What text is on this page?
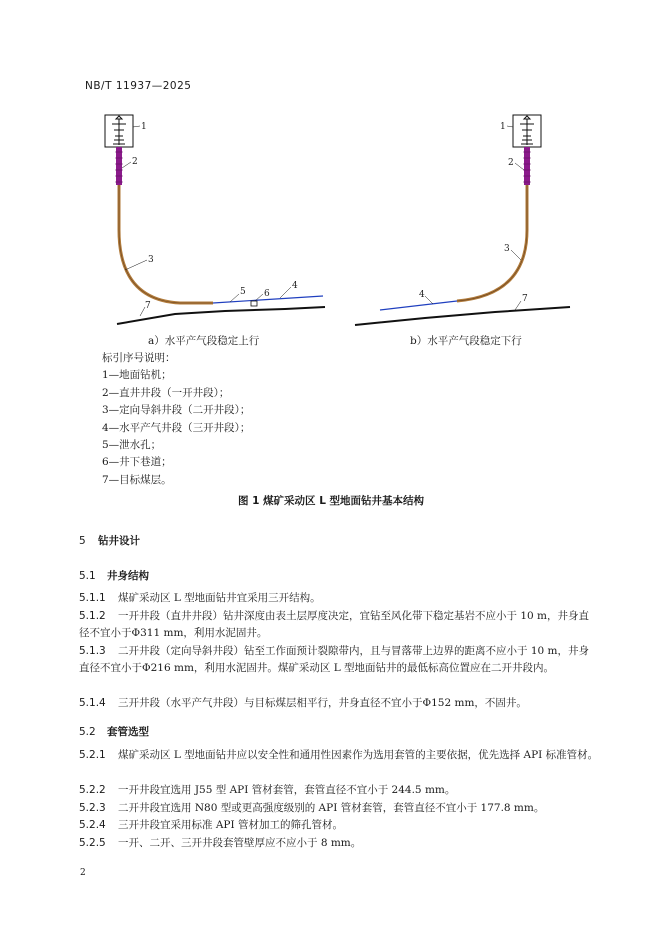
NB/T 11937—2025
1
2
3
4
5 6
7
1
2
3
4	7
a）水平产气段稳定上行	b）水平产气段稳定下行
标引序号说明：
1—地面钻机；
2—直井井段（一开井段）；
3—定向导斜井段（二开井段）；
4—水平产气井段（三开井段）；
5—泄水孔；
6—井下巷道；
7—目标煤层。
图 1 煤矿采动区 L 型地面钻井基本结构
5 钻井设计
5.1 井身结构
5.1.1 煤矿采动区 L 型地面钻井宜采用三开结构。
5.1.2 一开井段（直井井段）钻井深度由表土层厚度决定，宜钻至风化带下稳定基岩不应小于 10 m，井身直径不宜小于Φ311 mm，利用水泥固井。
5.1.3 二开井段（定向导斜井段）钻至工作面预计裂隙带内，且与冒落带上边界的距离不应小于 10 m，井身直径不宜小于Φ216 mm，利用水泥固井。煤矿采动区 L 型地面钻井的最低标高位置应在二开井段内。
5.1.4 三开井段（水平产气井段）与目标煤层相平行，井身直径不宜小于Φ152 mm，不固井。
5.2 套管选型
5.2.1 煤矿采动区 L 型地面钻井应以安全性和通用性因素作为选用套管的主要依据，优先选择 API 标准管材。
5.2.2 一开井段宜选用 J55 型 API 管材套管，套管直径不宜小于 244.5 mm。
5.2.3 二开井段宜选用 N80 型或更高强度级别的 API 管材套管，套管直径不宜小于 177.8 mm。
5.2.4 三开井段宜采用标准 API 管材加工的筛孔管材。
5.2.5 一开、二开、三开井段套管壁厚应不应小于 8 mm。
2
